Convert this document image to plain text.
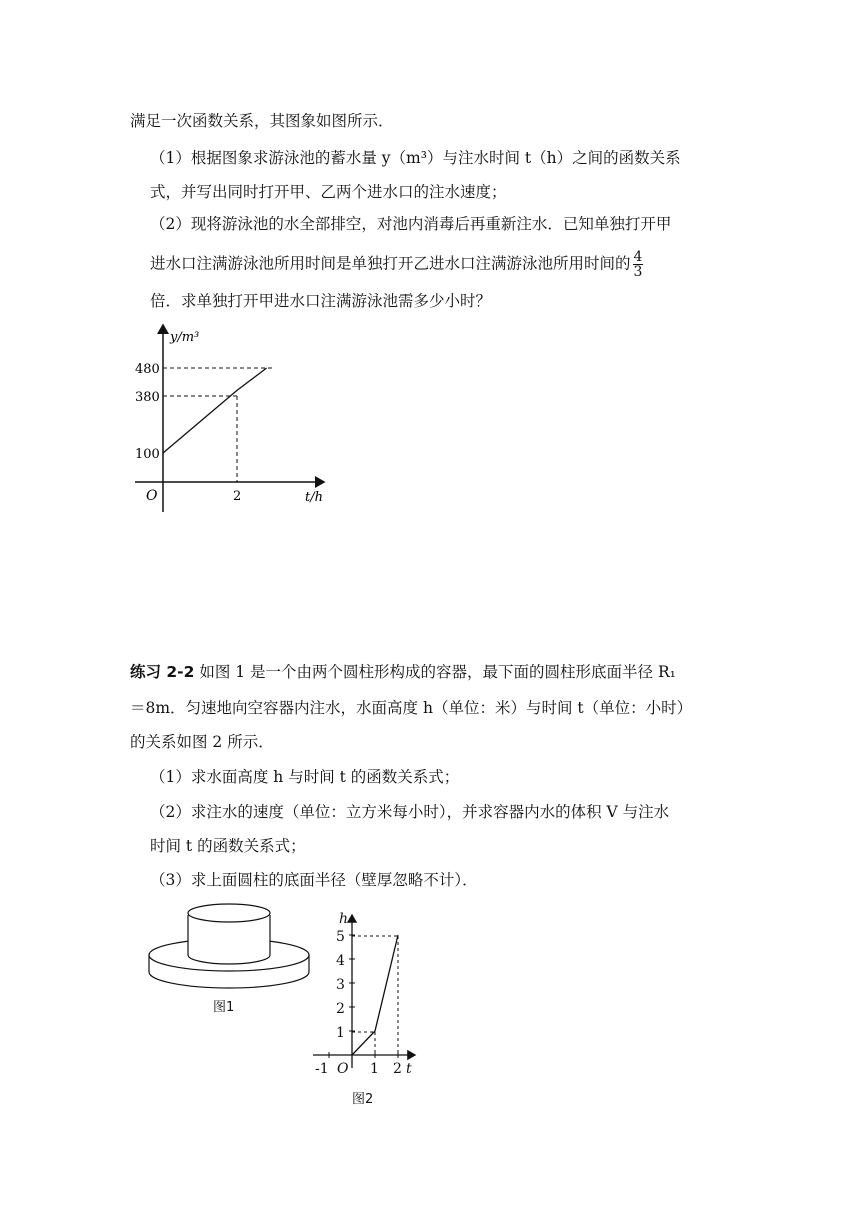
满足一次函数关系，其图象如图所示．
（1）根据图象求游泳池的蓄水量 y（m³）与注水时间 t（h）之间的函数关系
式，并写出同时打开甲、乙两个进水口的注水速度；
（2）现将游泳池的水全部排空，对池内消毒后再重新注水．已知单独打开甲
进水口注满游泳池所用时间是单独打开乙进水口注满游泳池所用时间的 $\frac{4}{3}$
倍．求单独打开甲进水口注满游泳池需多少小时？
y/m³
480
380
100
O	2	t/h
练习 2-2 如图 1 是一个由两个圆柱形构成的容器，最下面的圆柱形底面半径 R₁
＝8m．匀速地向空容器内注水，水面高度 h（单位：米）与时间 t（单位：小时）
的关系如图 2 所示．
（1）求水面高度 h 与时间 t 的函数关系式；
（2）求注水的速度（单位：立方米每小时），并求容器内水的体积 V 与注水
时间 t 的函数关系式；
（3）求上面圆柱的底面半径（壁厚忽略不计）．
图1
h
5
4
3
2
1
-1 O 1 2 t
图2
